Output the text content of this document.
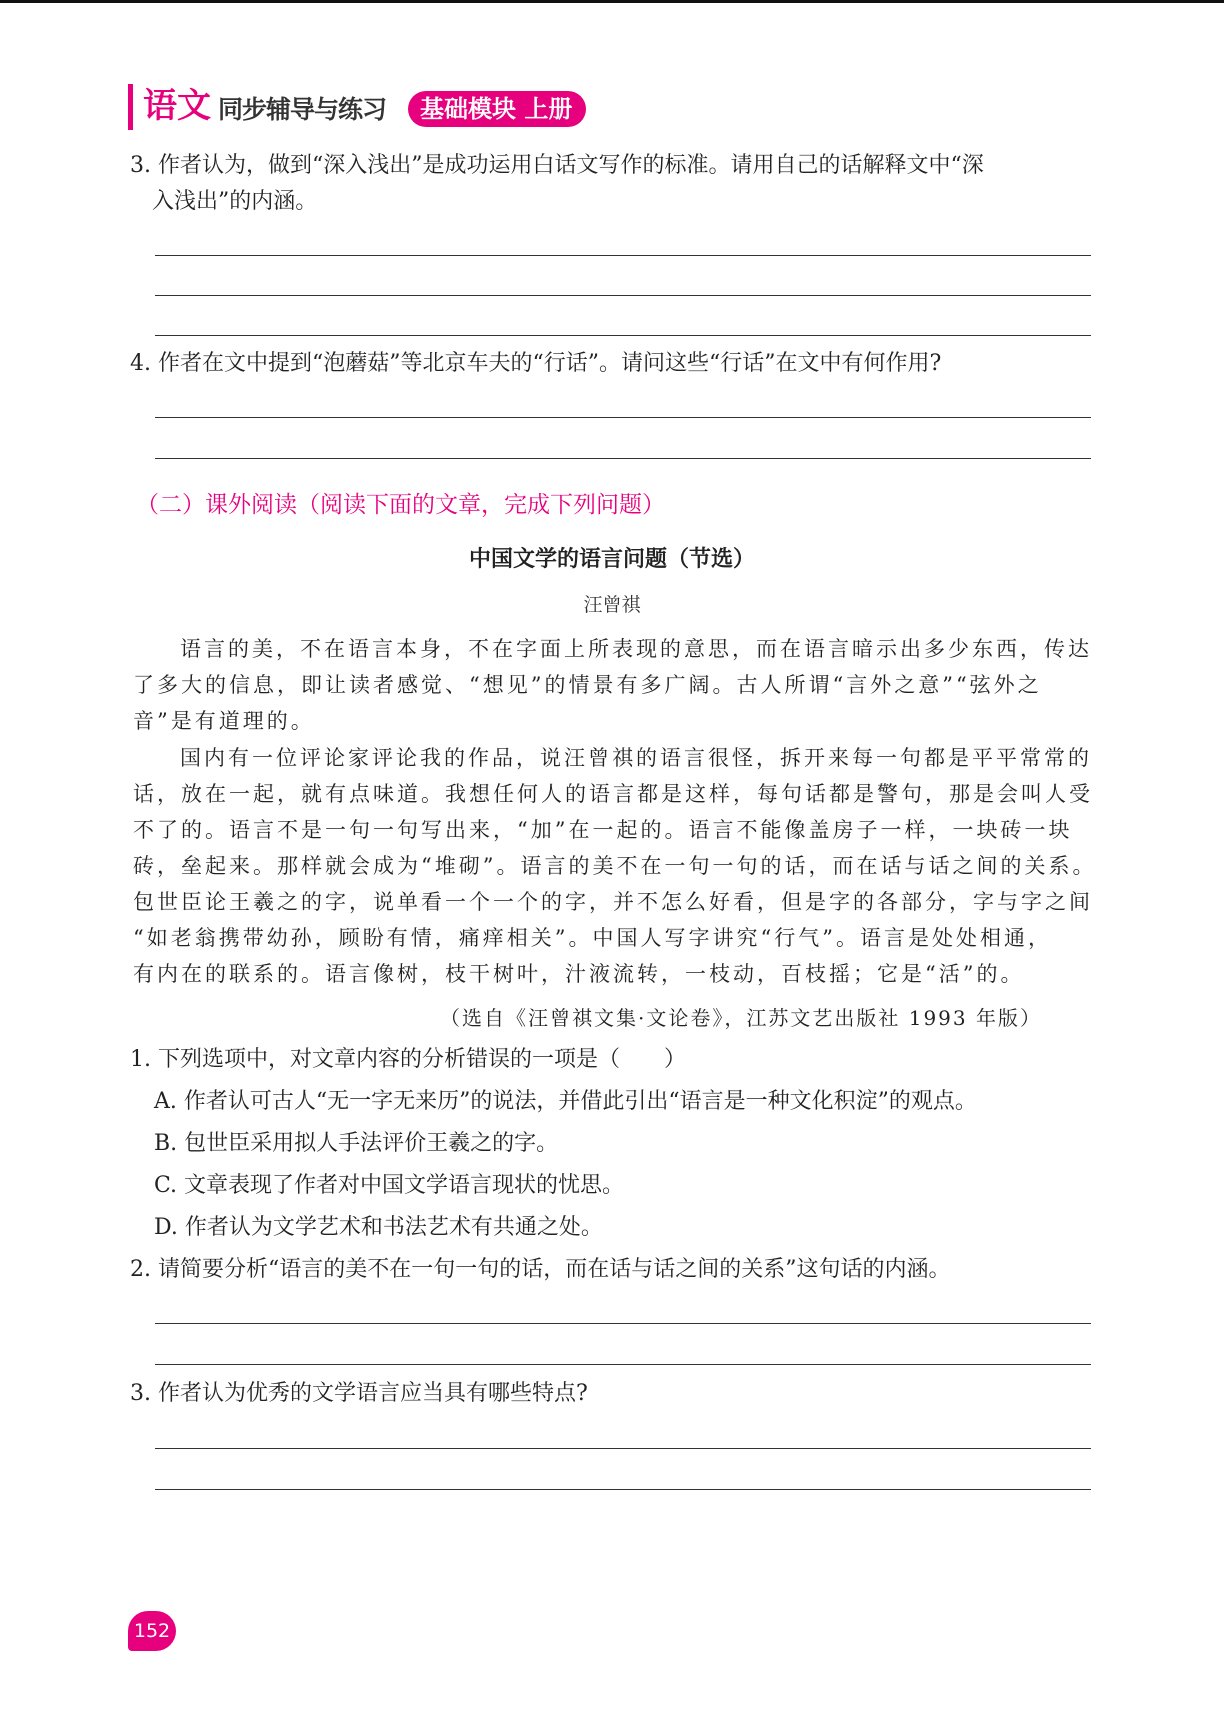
语文 同步辅导与练习	基础模块 上册
3. 作者认为，做到“深入浅出”是成功运用白话文写作的标准。请用自己的话解释文中“深
入浅出”的内涵。
4. 作者在文中提到“泡蘑菇”等北京车夫的“行话”。请问这些“行话”在文中有何作用?
（二）课外阅读（阅读下面的文章，完成下列问题）
中国文学的语言问题（节选）
汪曾祺
语言的美，不在语言本身，不在字面上所表现的意思，而在语言暗示出多少东西，传达
了多大的信息，即让读者感觉、“想见”的情景有多广阔。古人所谓“言外之意”“弦外之
音”是有道理的。
国内有一位评论家评论我的作品，说汪曾祺的语言很怪，拆开来每一句都是平平常常的
话，放在一起，就有点味道。我想任何人的语言都是这样，每句话都是警句，那是会叫人受
不了的。语言不是一句一句写出来，“加”在一起的。语言不能像盖房子一样，一块砖一块
砖，垒起来。那样就会成为“堆砌”。语言的美不在一句一句的话，而在话与话之间的关系。
包世臣论王羲之的字，说单看一个一个的字，并不怎么好看，但是字的各部分，字与字之间
“如老翁携带幼孙，顾盼有情，痛痒相关”。中国人写字讲究“行气”。语言是处处相通，
有内在的联系的。语言像树，枝干树叶，汁液流转，一枝动，百枝摇；它是“活”的。
（选自《汪曾祺文集·文论卷》，江苏文艺出版社 1993 年版）
1. 下列选项中，对文章内容的分析错误的一项是（　　）
A. 作者认可古人“无一字无来历”的说法，并借此引出“语言是一种文化积淀”的观点。
B. 包世臣采用拟人手法评价王羲之的字。
C. 文章表现了作者对中国文学语言现状的忧思。
D. 作者认为文学艺术和书法艺术有共通之处。
2. 请简要分析“语言的美不在一句一句的话，而在话与话之间的关系”这句话的内涵。
3. 作者认为优秀的文学语言应当具有哪些特点?
152
